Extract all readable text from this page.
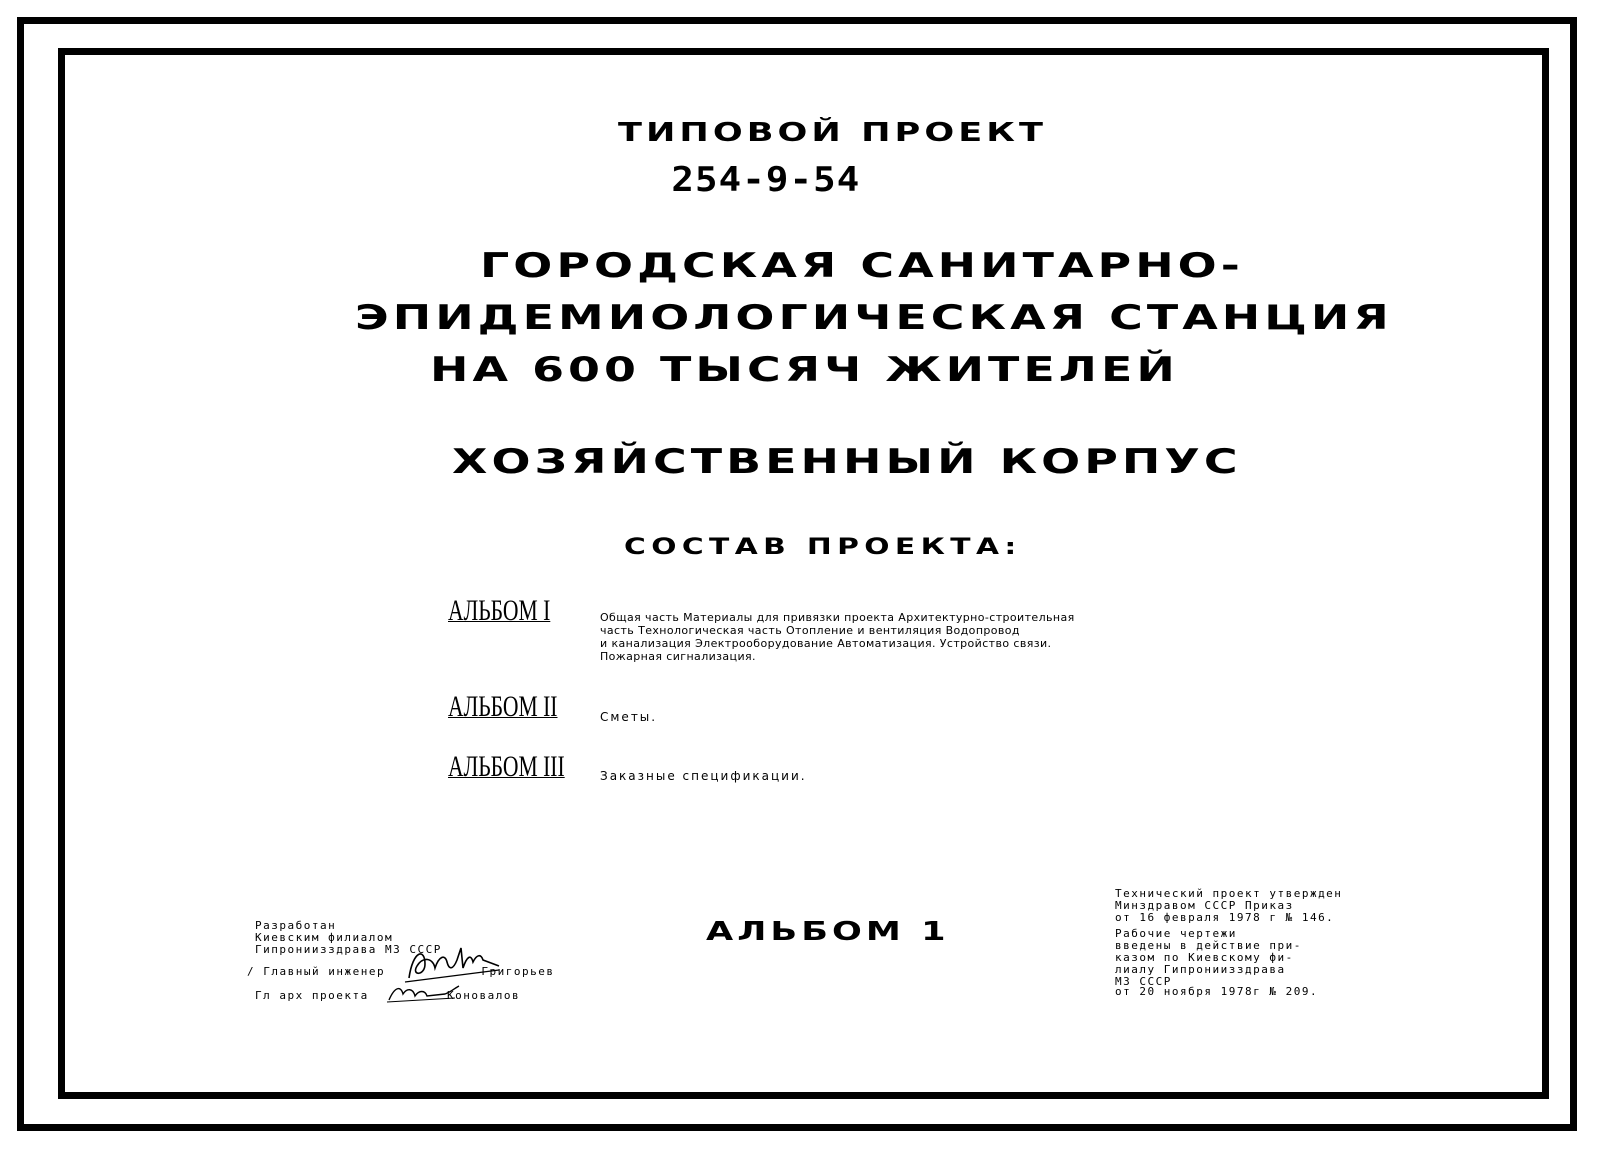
ТИПОВОЙ ПРОЕКТ
254-9-54
ГОРОДСКАЯ САНИТАРНО-
ЭПИДЕМИОЛОГИЧЕСКАЯ СТАНЦИЯ
НА 600 ТЫСЯЧ ЖИТЕЛЕЙ
ХОЗЯЙСТВЕННЫЙ КОРПУС
СОСТАВ ПРОЕКТА:
АЛЬБОМ I	Общая часть Материалы для привязки проекта Архитектурно-строительная
часть Технологическая часть Отопление и вентиляция Водопровод
и канализация Электрооборудование Автоматизация. Устройство связи.
Пожарная сигнализация.
АЛЬБОМ II	Сметы.
АЛЬБОМ III	Заказные спецификации.
АЛЬБОМ 1
Разработан
Киевским филиалом
Гипрониизздрава МЗ СССР
/ Главный инженер	Григорьев
Гл арх проекта	Коновалов
Технический проект утвержден
Минздравом СССР Приказ
от 16 февраля 1978 г № 146.
Рабочие чертежи
введены в действие при-
казом по Киевскому фи-
лиалу Гипрониизздрава
МЗ СССР
от 20 ноября 1978г № 209.
